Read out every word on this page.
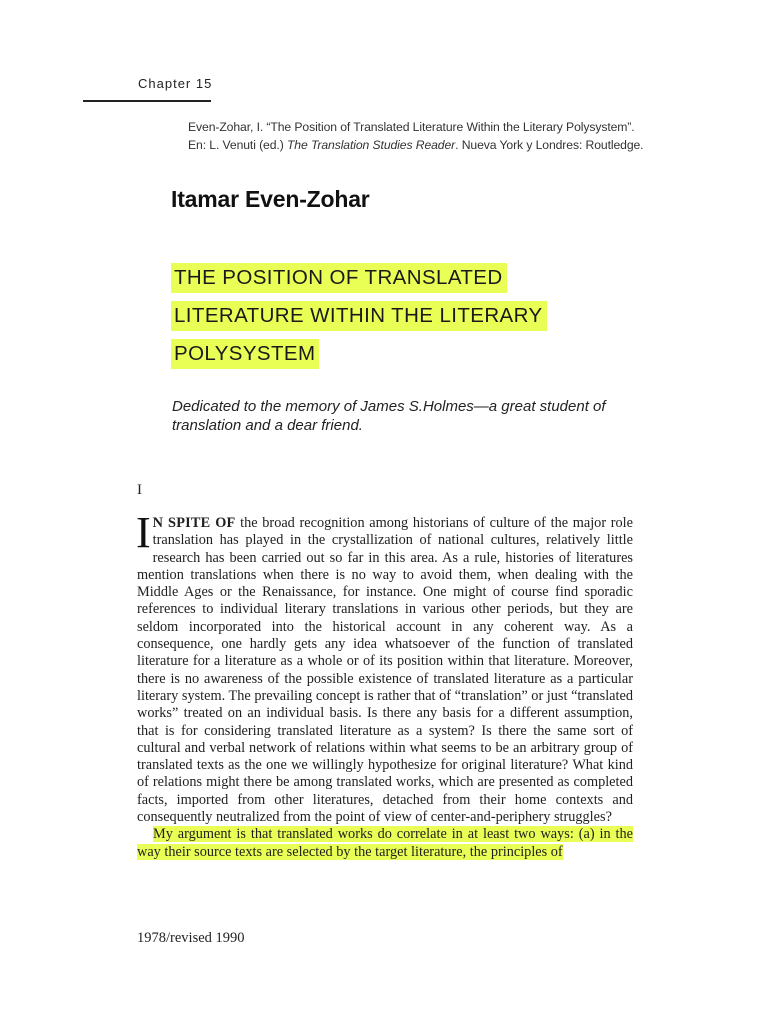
Chapter 15
Even-Zohar, I. “The Position of Translated Literature Within the Literary Polysystem”.
En: L. Venuti (ed.) The Translation Studies Reader. Nueva York y Londres: Routledge.
Itamar Even-Zohar
THE POSITION OF TRANSLATED
LITERATURE WITHIN THE LITERARY
POLYSYSTEM
Dedicated to the memory of James S.Holmes—a great student of translation and a dear friend.
I

I N SPITE OF the broad recognition among historians of culture of the major role translation has played in the crystallization of national cultures, relatively little research has been carried out so far in this area. As a rule, histories of literatures mention translations when there is no way to avoid them, when dealing with the Middle Ages or the Renaissance, for instance. One might of course find sporadic references to individual literary translations in various other periods, but they are seldom incorporated into the historical account in any coherent way. As a consequence, one hardly gets any idea whatsoever of the function of translated literature for a literature as a whole or of its position within that literature. Moreover, there is no awareness of the possible existence of translated literature as a particular literary system. The prevailing concept is rather that of “translation” or just “translated works” treated on an individual basis. Is there any basis for a different assumption, that is for considering translated literature as a system? Is there the same sort of cultural and verbal network of relations within what seems to be an arbitrary group of translated texts as the one we willingly hypothesize for original literature? What kind of relations might there be among translated works, which are presented as completed facts, imported from other literatures, detached from their home contexts and consequently neutralized from the point of view of center-and-periphery struggles?

My argument is that translated works do correlate in at least two ways: (a) in the way their source texts are selected by the target literature, the principles of

1978/revised 1990
